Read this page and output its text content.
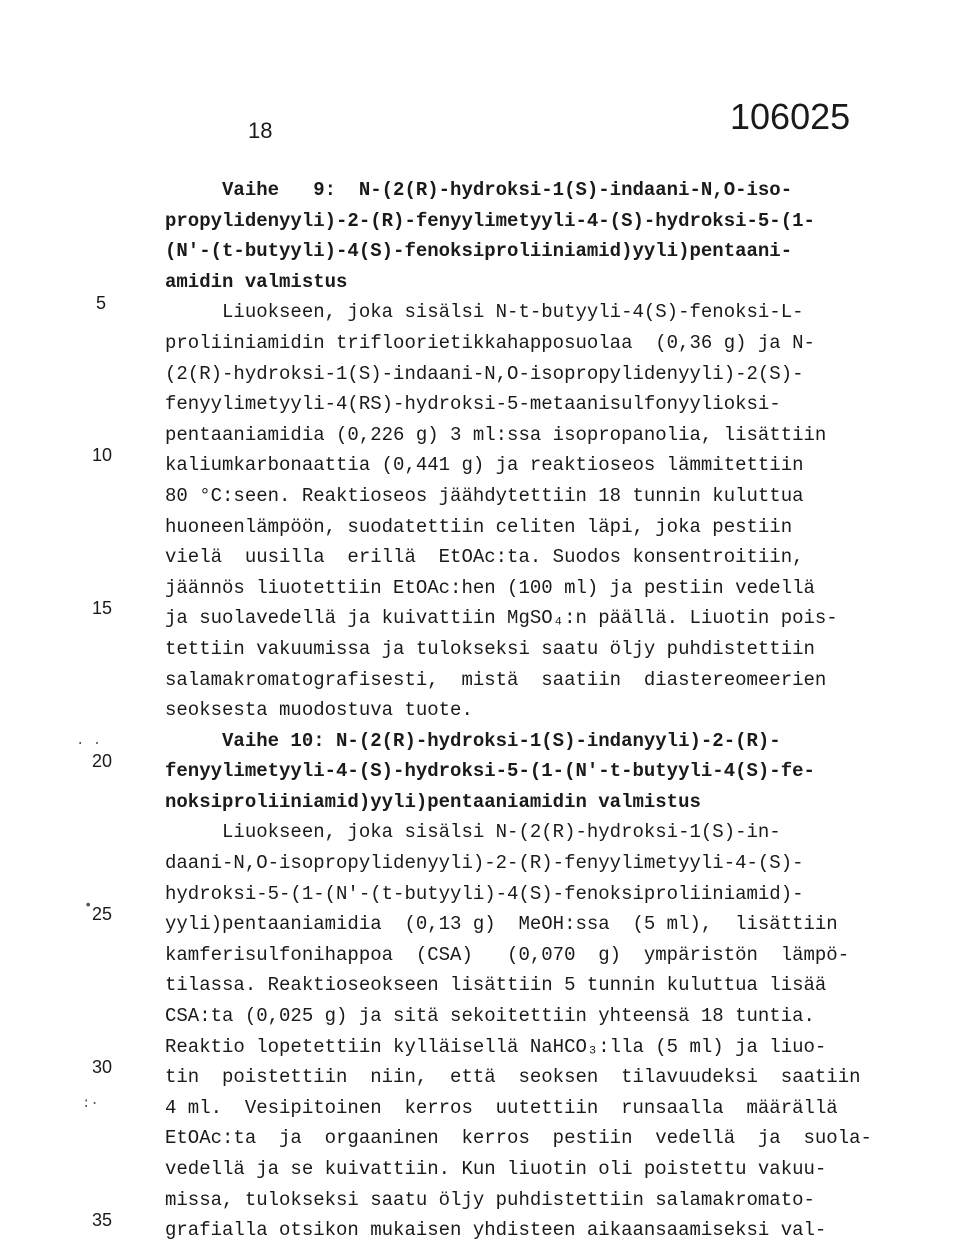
18	106025
5
10
15
20
25
30
35
· ·
•
:·
Vaihe   9:  N-(2(R)-hydroksi-1(S)-indaani-N,O-iso-
propylidenyyli)-2-(R)-fenyylimetyyli-4-(S)-hydroksi-5-(1-
(N'-(t-butyyli)-4(S)-fenoksiproliiniamid)yyli)pentaani-
amidin valmistus
Liuokseen, joka sisälsi N-t-butyyli-4(S)-fenoksi-L-
proliiniamidin trifloorietikkahapposuolaa  (0,36 g) ja N-
(2(R)-hydroksi-1(S)-indaani-N,O-isopropylidenyyli)-2(S)-
fenyylimetyyli-4(RS)-hydroksi-5-metaanisulfonyylioksi-
pentaaniamidia (0,226 g) 3 ml:ssa isopropanolia, lisättiin
kaliumkarbonaattia (0,441 g) ja reaktioseos lämmitettiin
80 °C:seen. Reaktioseos jäähdytettiin 18 tunnin kuluttua
huoneenlämpöön, suodatettiin celiten läpi, joka pestiin
vielä  uusilla  erillä  EtOAc:ta. Suodos konsentroitiin,
jäännös liuotettiin EtOAc:hen (100 ml) ja pestiin vedellä
ja suolavedellä ja kuivattiin MgSO₄:n päällä. Liuotin pois-
tettiin vakuumissa ja tulokseksi saatu öljy puhdistettiin
salamakromatografisesti,  mistä  saatiin  diastereomeerien
seoksesta muodostuva tuote.
Vaihe 10: N-(2(R)-hydroksi-1(S)-indanyyli)-2-(R)-
fenyylimetyyli-4-(S)-hydroksi-5-(1-(N'-t-butyyli-4(S)-fe-
noksiproliiniamid)yyli)pentaaniamidin valmistus
Liuokseen, joka sisälsi N-(2(R)-hydroksi-1(S)-in-
daani-N,O-isopropylidenyyli)-2-(R)-fenyylimetyyli-4-(S)-
hydroksi-5-(1-(N'-(t-butyyli)-4(S)-fenoksiproliiniamid)-
yyli)pentaaniamidia  (0,13 g)  MeOH:ssa  (5 ml),  lisättiin
kamferisulfonihappoa  (CSA)   (0,070  g)  ympäristön  lämpö-
tilassa. Reaktioseokseen lisättiin 5 tunnin kuluttua lisää
CSA:ta (0,025 g) ja sitä sekoitettiin yhteensä 18 tuntia.
Reaktio lopetettiin kylläisellä NaHCO₃:lla (5 ml) ja liuo-
tin  poistettiin  niin,  että  seoksen  tilavuudeksi  saatiin
4 ml.  Vesipitoinen  kerros  uutettiin  runsaalla  määrällä
EtOAc:ta  ja  orgaaninen  kerros  pestiin  vedellä  ja  suola-
vedellä ja se kuivattiin. Kun liuotin oli poistettu vakuu-
missa, tulokseksi saatu öljy puhdistettiin salamakromato-
grafialla otsikon mukaisen yhdisteen aikaansaamiseksi val-
